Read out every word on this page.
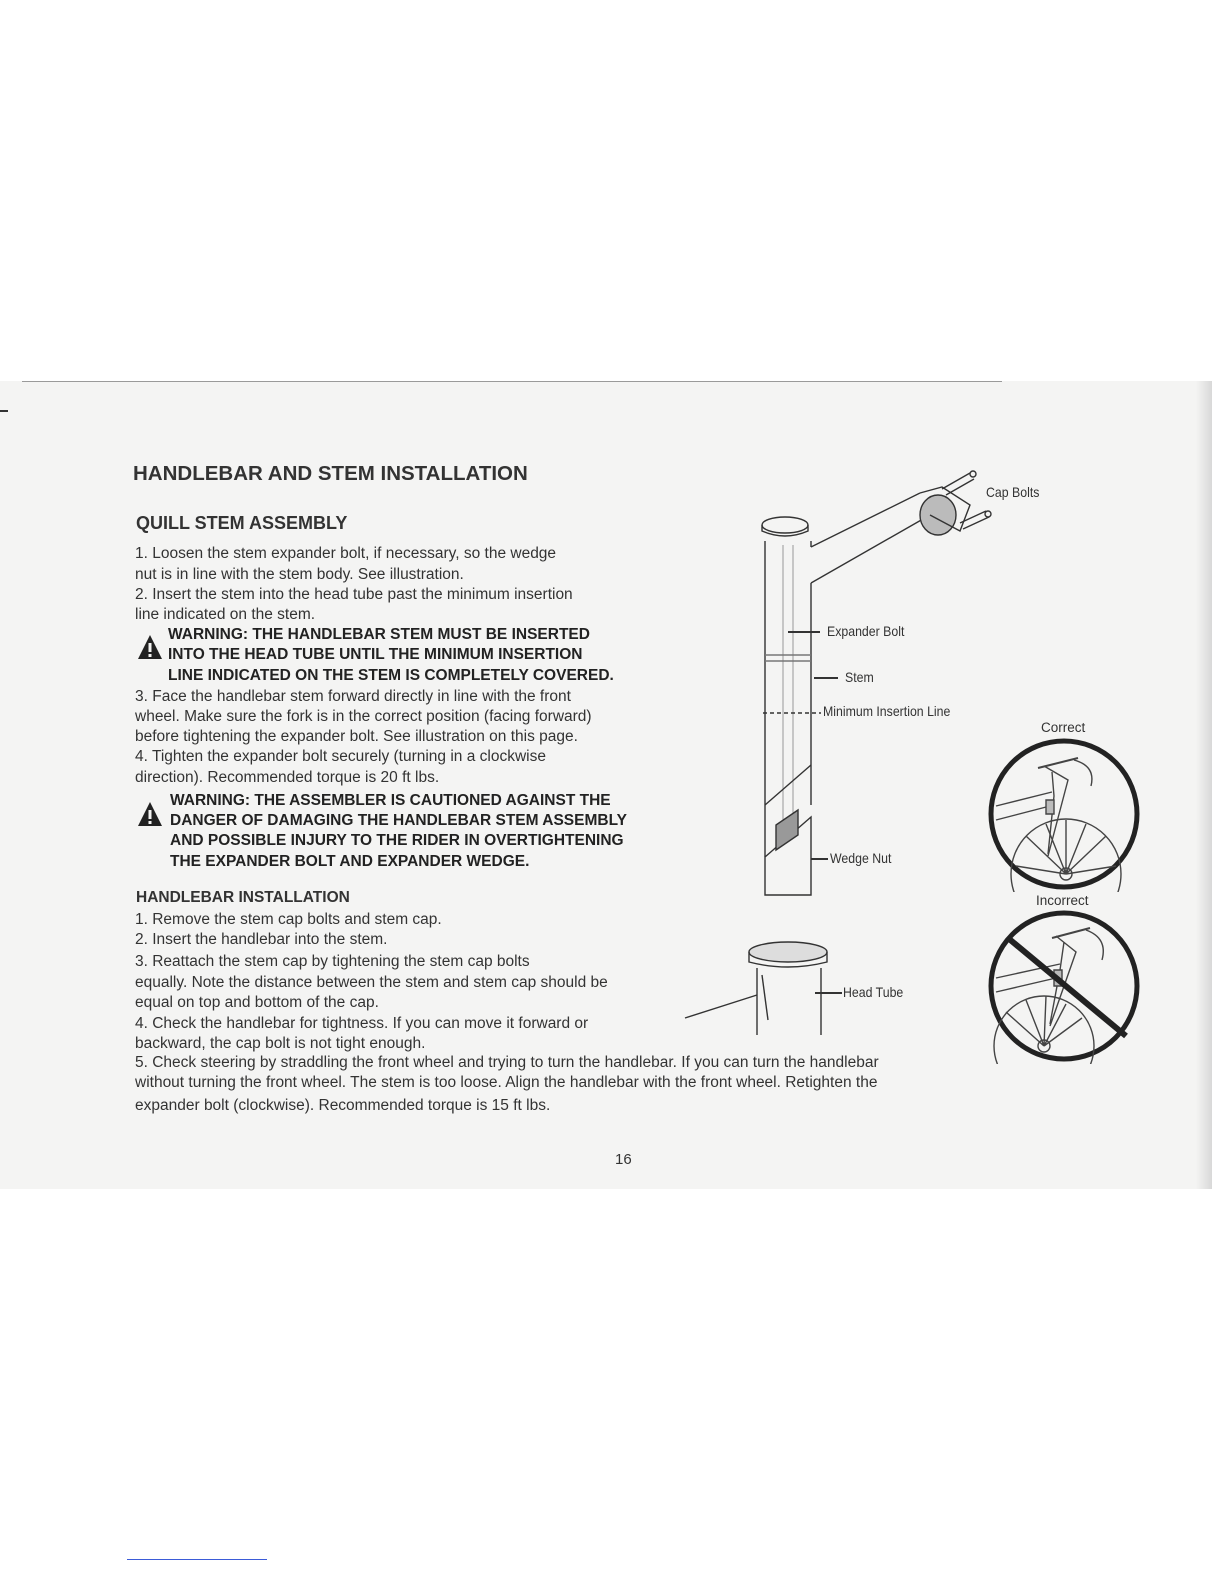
HANDLEBAR AND STEM INSTALLATION
QUILL STEM ASSEMBLY
1. Loosen the stem expander bolt, if necessary, so the wedge
nut is in line with the stem body. See illustration.
2. Insert the stem into the head tube past the minimum insertion
line indicated on the stem.
WARNING: THE HANDLEBAR STEM MUST BE INSERTED
INTO THE HEAD TUBE UNTIL THE MINIMUM INSERTION
LINE INDICATED ON THE STEM IS COMPLETELY COVERED.
3. Face the handlebar stem forward directly in line with the front
wheel. Make sure the fork is in the correct position (facing forward)
before tightening the expander bolt. See illustration on this page.
4. Tighten the expander bolt securely (turning in a clockwise
direction). Recommended torque is 20 ft lbs.
WARNING: THE ASSEMBLER IS CAUTIONED AGAINST THE
DANGER OF DAMAGING THE HANDLEBAR STEM ASSEMBLY
AND POSSIBLE INJURY TO THE RIDER IN OVERTIGHTENING
THE EXPANDER BOLT AND EXPANDER WEDGE.
HANDLEBAR INSTALLATION
1. Remove the stem cap bolts and stem cap.
2. Insert the handlebar into the stem.
3. Reattach the stem cap by tightening the stem cap bolts
equally. Note the distance between the stem and stem cap should be
equal on top and bottom of the cap.
4. Check the handlebar for tightness. If you can move it forward or
backward, the cap bolt is not tight enough.
5. Check steering by straddling the front wheel and trying to turn the handlebar. If you can turn the handlebar
without turning the front wheel. The stem is too loose. Align the handlebar with the front wheel. Retighten the
expander bolt (clockwise). Recommended torque is 15 ft lbs.
Cap Bolts
Expander Bolt
Stem
Minimum Insertion Line
Wedge Nut
Head Tube
Correct
Incorrect
16
